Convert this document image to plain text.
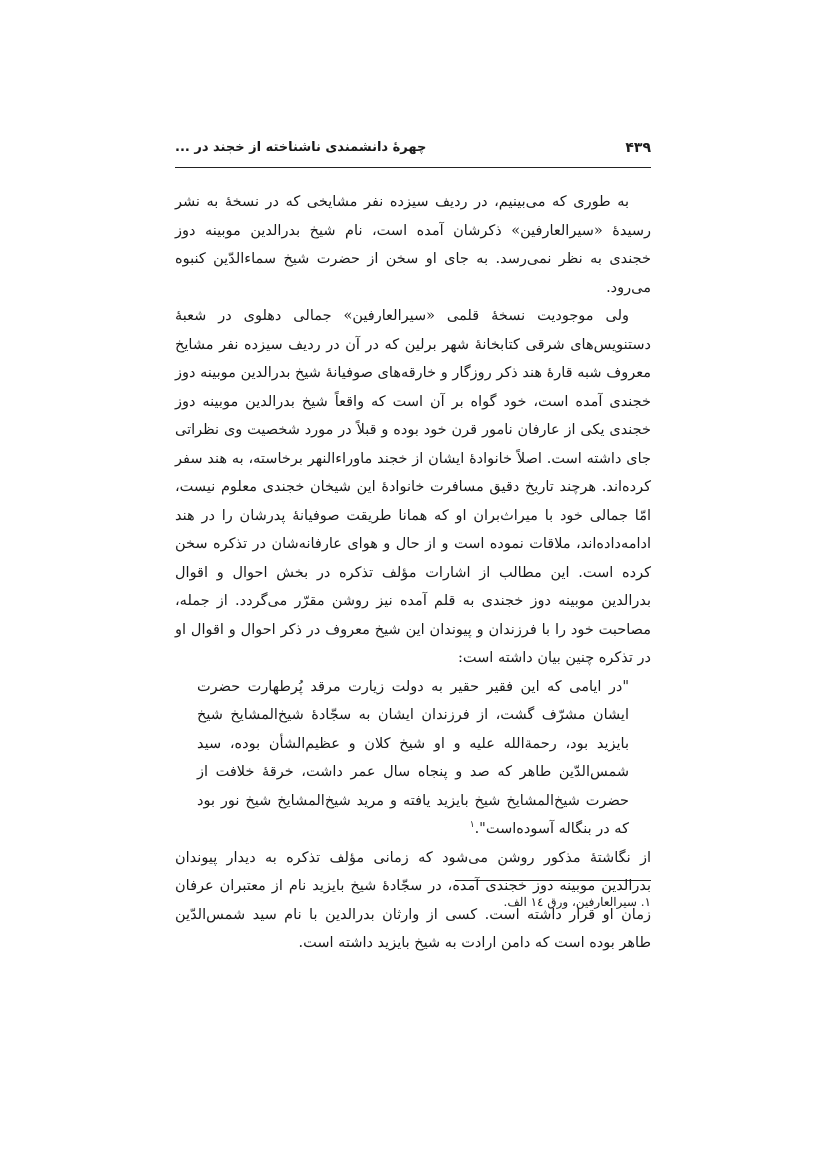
۴۳۹
چهرهٔ دانشمندی ناشناخته از خجند در ...

به طوری که می‌بینیم، در ردیف سیزده نفر مشایخی که در نسخهٔ به نشر رسیدهٔ «سیرالعارفین» ذکرشان آمده است، نام شیخ بدرالدین موبینه دوز خجندی به نظر نمی‌رسد. به جای او سخن از حضرت شیخ سماءالدّین کنبوه می‌رود.

ولی موجودیت نسخهٔ قلمی «سیرالعارفین» جمالی دهلوی در شعبهٔ دستنویس‌های شرقی کتابخانهٔ شهر برلین که در آن در ردیف سیزده نفر مشایخ معروف شبه قارهٔ هند ذکر روزگار و خارقه‌های صوفیانهٔ شیخ بدرالدین موبینه دوز خجندی آمده است، خود گواه بر آن است که واقعاً شیخ بدرالدین موبینه دوز خجندی یکی از عارفان نامور قرن خود بوده و قبلاً در مورد شخصیت وی نظراتی جای داشته است. اصلاً خانوادهٔ ایشان از خجند ماوراءالنهر برخاسته، به هند سفر کرده‌اند. هرچند تاریخ دقیق مسافرت خانوادهٔ این شیخان خجندی معلوم نیست، امّا جمالی خود با میراث‌بران او که همانا طریقت صوفیانهٔ پدرشان را در هند ادامه‌داده‌اند، ملاقات نموده است و از حال و هوای عارفانه‌شان در تذکره سخن کرده است. این مطالب از اشارات مؤلف تذکره در بخش احوال و اقوال بدرالدین موبینه دوز خجندی به قلم آمده نیز روشن مقرّر می‌گردد. از جمله، مصاحبت خود را با فرزندان و پیوندان این شیخ معروف در ذکر احوال و اقوال او در تذکره چنین بیان داشته است:

"در ایامی که این فقیر حقیر به دولت زیارت مرقد پُرطهارت حضرت ایشان مشرّف گشت، از فرزندان ایشان به سجّادهٔ شیخ‌المشایخ شیخ بایزید بود، رحمةالله علیه و او شیخ کلان و عظیم‌الشأن بوده، سید شمس‌الدّین طاهر که صد و پنجاه سال عمر داشت، خرقهٔ خلافت از حضرت شیخ‌المشایخ شیخ بایزید یافته و مرید شیخ‌المشایخ شیخ نور بود که در بنگاله آسوده‌است".$^۱$

از نگاشتهٔ مذکور روشن می‌شود که زمانی مؤلف تذکره به دیدار پیوندان بدرالدین موبینه دوز خجندی آمده، در سجّادهٔ شیخ بایزید نام از معتبران عرفان زمان او قرار داشته است. کسی از وارثان بدرالدین با نام سید شمس‌الدّین طاهر بوده است که دامن ارادت به شیخ بایزید داشته است.

۱. سیرالعارفین، ورق ١٤ الف.
